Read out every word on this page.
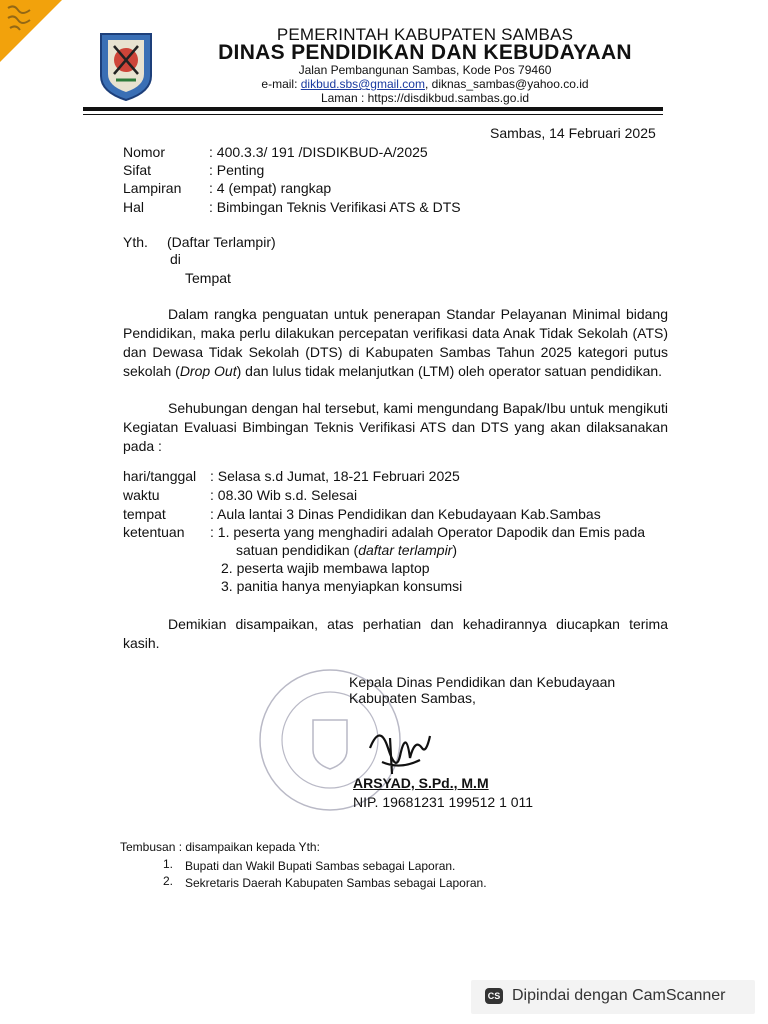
PEMERINTAH KABUPATEN SAMBAS
DINAS PENDIDIKAN DAN KEBUDAYAAN
Jalan Pembangunan Sambas, Kode Pos 79460
e-mail: dikbud.sbs@gmail.com, diknas_sambas@yahoo.co.id
Laman : https://disdikbud.sambas.go.id
Sambas, 14 Februari 2025
Nomor	: 400.3.3/ 191 /DISDIKBUD-A/2025
Sifat	: Penting
Lampiran : 4 (empat) rangkap
Hal	: Bimbingan Teknis Verifikasi ATS & DTS
Yth. (Daftar Terlampir)
di
Tempat
Dalam rangka penguatan untuk penerapan Standar Pelayanan Minimal bidang Pendidikan, maka perlu dilakukan percepatan verifikasi data Anak Tidak Sekolah (ATS) dan Dewasa Tidak Sekolah (DTS) di Kabupaten Sambas Tahun 2025 kategori putus sekolah (Drop Out) dan lulus tidak melanjutkan (LTM) oleh operator satuan pendidikan.
Sehubungan dengan hal tersebut, kami mengundang Bapak/Ibu untuk mengikuti Kegiatan Evaluasi Bimbingan Teknis Verifikasi ATS dan DTS yang akan dilaksanakan pada :
hari/tanggal : Selasa s.d Jumat, 18-21 Februari 2025
waktu	: 08.30 Wib s.d. Selesai
tempat	: Aula lantai 3 Dinas Pendidikan dan Kebudayaan Kab.Sambas
ketentuan : 1. peserta yang menghadiri adalah Operator Dapodik dan Emis pada
satuan pendidikan (daftar terlampir)
2. peserta wajib membawa laptop
3. panitia hanya menyiapkan konsumsi
Demikian disampaikan, atas perhatian dan kehadirannya diucapkan terima kasih.
Kepala Dinas Pendidikan dan Kebudayaan
Kabupaten Sambas,
ARSYAD, S.Pd., M.M
NIP. 19681231 199512 1 011
Tembusan : disampaikan kepada Yth:
1. Bupati dan Wakil Bupati Sambas sebagai Laporan.
2. Sekretaris Daerah Kabupaten Sambas sebagai Laporan.
CS Dipindai dengan CamScanner
